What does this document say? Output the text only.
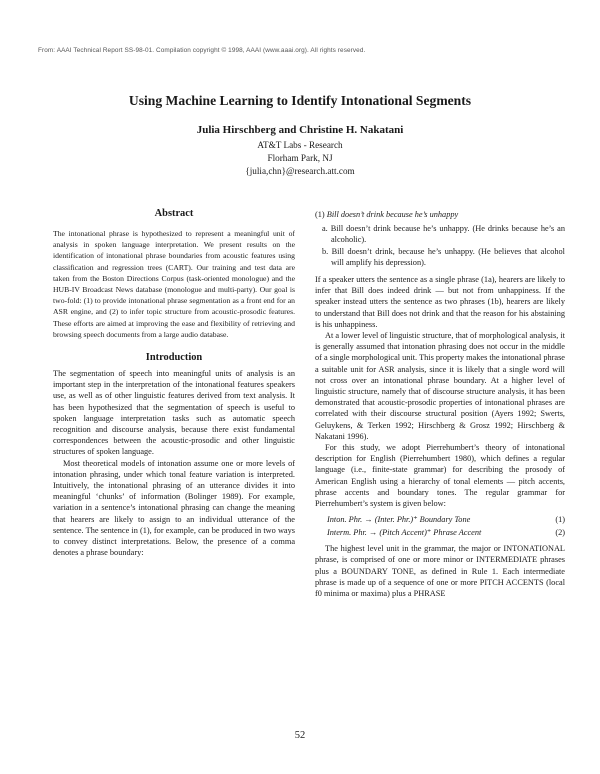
From: AAAI Technical Report SS-98-01. Compilation copyright © 1998, AAAI (www.aaai.org). All rights reserved.
Using Machine Learning to Identify Intonational Segments
Julia Hirschberg and Christine H. Nakatani
AT&T Labs - Research
Florham Park, NJ
{julia,chn}@research.att.com
Abstract

The intonational phrase is hypothesized to represent a meaningful unit of analysis in spoken language interpretation. We present results on the identification of intonational phrase boundaries from acoustic features using classification and regression trees (CART). Our training and test data are taken from the Boston Directions Corpus (task-oriented monologue) and the HUB-IV Broadcast News database (monologue and multi-party). Our goal is two-fold: (1) to provide intonational phrase segmentation as a front end for an ASR engine, and (2) to infer topic structure from acoustic-prosodic features. These efforts are aimed at improving the ease and flexibility of retrieving and browsing speech documents from a large audio database.

Introduction

The segmentation of speech into meaningful units of analysis is an important step in the interpretation of the intonational features speakers use, as well as of other linguistic features derived from text analysis. It has been hypothesized that the segmentation of speech is useful to spoken language interpretation tasks such as automatic speech recognition and discourse analysis, because there exist fundamental correspondences between the acoustic-prosodic and other linguistic structures of spoken language.

Most theoretical models of intonation assume one or more levels of intonation phrasing, under which tonal feature variation is interpreted. Intuitively, the intonational phrasing of an utterance divides it into meaningful ‘chunks’ of information (Bolinger 1989). For example, variation in a sentence’s intonational phrasing can change the meaning that hearers are likely to assign to an individual utterance of the sentence. The sentence in (1), for example, can be produced in two ways to convey distinct interpretations. Below, the presence of a comma denotes a phrase boundary:

(1) Bill doesn’t drink because he’s unhappy

a. Bill doesn’t drink because he’s unhappy. (He drinks because he’s an alcoholic).

b. Bill doesn’t drink, because he’s unhappy. (He believes that alcohol will amplify his depression).

If a speaker utters the sentence as a single phrase (1a), hearers are likely to infer that Bill does indeed drink — but not from unhappiness. If the speaker instead utters the sentence as two phrases (1b), hearers are likely to understand that Bill does not drink and that the reason for his abstaining is his unhappiness.

At a lower level of linguistic structure, that of morphological analysis, it is generally assumed that intonation phrasing does not occur in the middle of a single morphological unit. This property makes the intonational phrase a suitable unit for ASR analysis, since it is likely that a single word will not cross over an intonational phrase boundary. At a higher level of linguistic structure, namely that of discourse structure analysis, it has been demonstrated that acoustic-prosodic properties of intonational phrases are correlated with their discourse structural position (Ayers 1992; Swerts, Geluykens, & Terken 1992; Hirschberg & Grosz 1992; Hirschberg & Nakatani 1996).

For this study, we adopt Pierrehumbert’s theory of intonational description for English (Pierrehumbert 1980), which defines a regular language (i.e., finite-state grammar) for describing the prosody of American English using a hierarchy of tonal elements — pitch accents, phrase accents and boundary tones. The regular grammar for Pierrehumbert’s system is given below:

Inton. Phr. → (Inter. Phr.)⁺ Boundary Tone	(1)
Interm. Phr. → (Pitch Accent)⁺ Phrase Accent	(2)

The highest level unit in the grammar, the major or INTONATIONAL phrase, is comprised of one or more minor or INTERMEDIATE phrases plus a BOUNDARY TONE, as defined in Rule 1. Each intermediate phrase is made up of a sequence of one or more PITCH ACCENTS (local f0 minima or maxima) plus a PHRASE

52
